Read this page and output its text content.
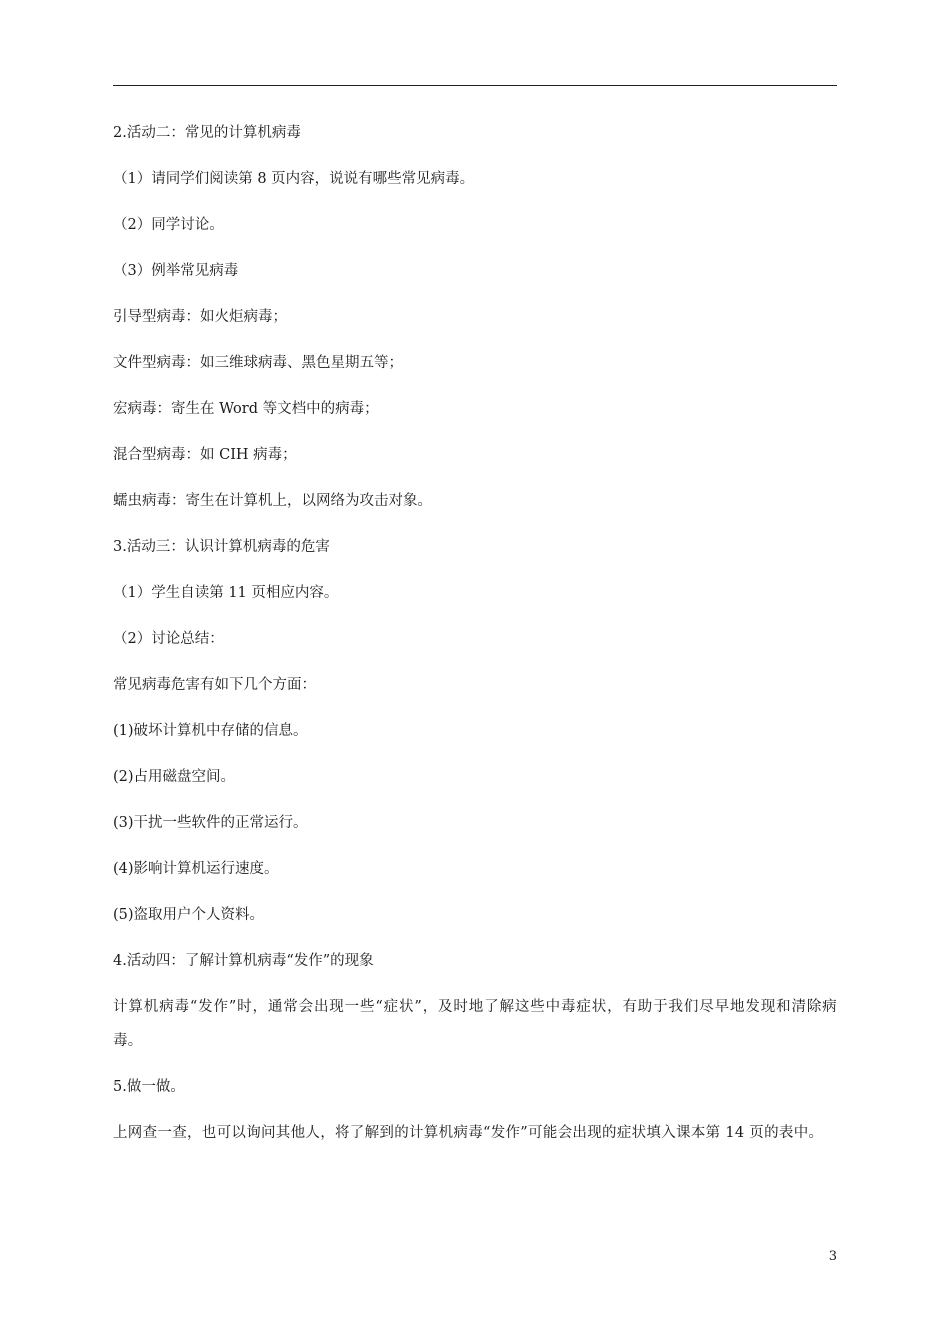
2.活动二：常见的计算机病毒
（1）请同学们阅读第 8 页内容，说说有哪些常见病毒。
（2）同学讨论。
（3）例举常见病毒
引导型病毒：如火炬病毒；
文件型病毒：如三维球病毒、黑色星期五等；
宏病毒：寄生在 Word 等文档中的病毒；
混合型病毒：如 CIH 病毒；
蠕虫病毒：寄生在计算机上，以网络为攻击对象。
3.活动三：认识计算机病毒的危害
（1）学生自读第 11 页相应内容。
（2）讨论总结：
常见病毒危害有如下几个方面：
(1)破坏计算机中存储的信息。
(2)占用磁盘空间。
(3)干扰一些软件的正常运行。
(4)影响计算机运行速度。
(5)盗取用户个人资料。
4.活动四：了解计算机病毒“发作”的现象
计算机病毒“发作”时，通常会出现一些“症状”，及时地了解这些中毒症状，有助于我们尽早地发现和清除病毒。
5.做一做。
上网查一查，也可以询问其他人，将了解到的计算机病毒“发作”可能会出现的症状填入课本第 14 页的表中。
3
